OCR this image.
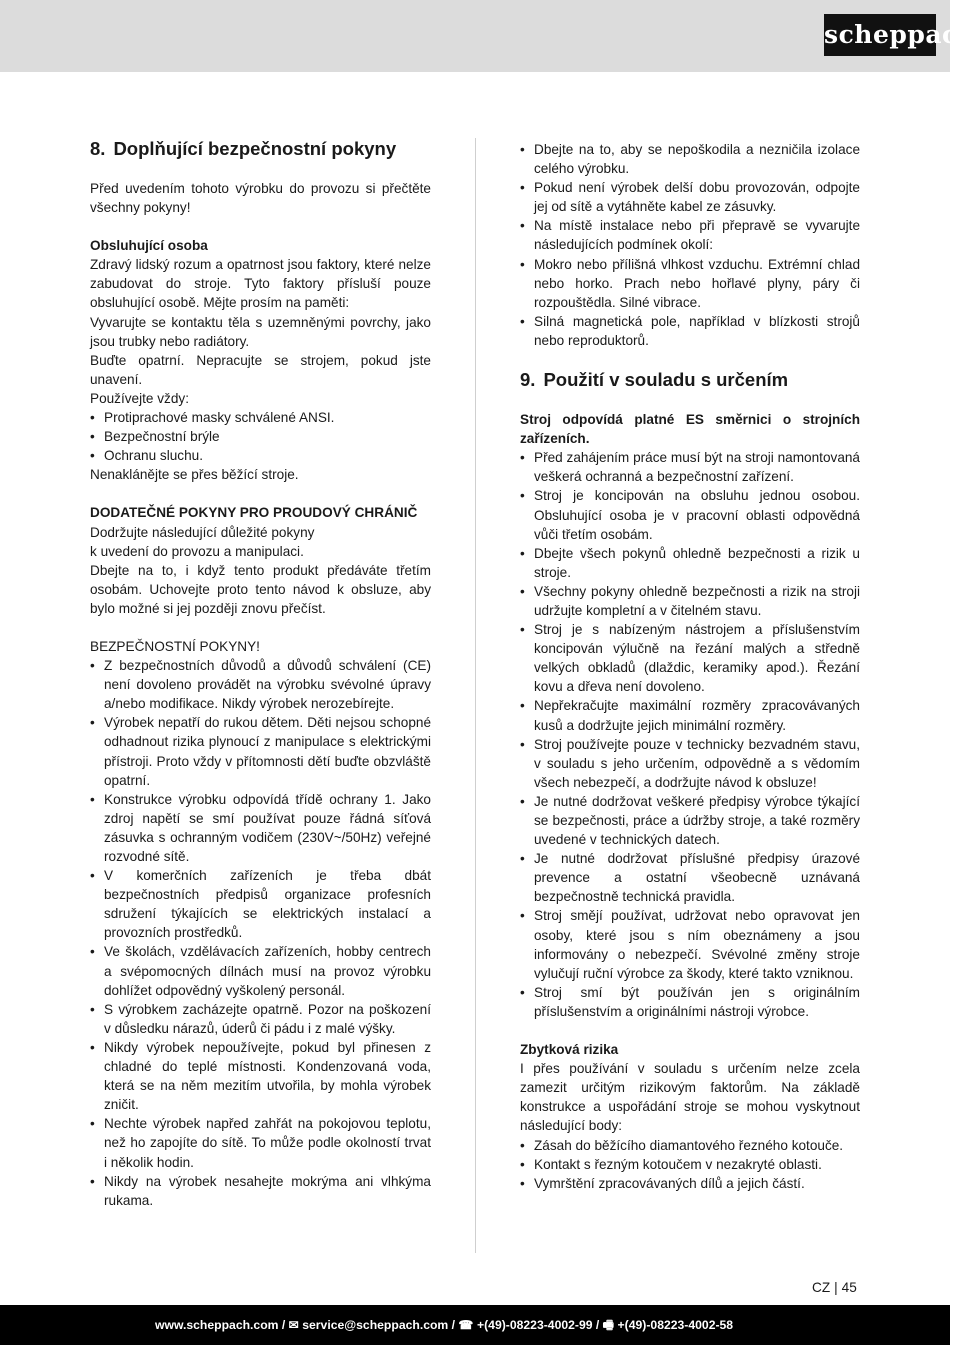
scheppach
8. Doplňující bezpečnostní pokyny

Před uvedením tohoto výrobku do provozu si přečtěte všechny pokyny!

Obsluhující osoba

Zdravý lidský rozum a opatrnost jsou faktory, které nelze zabudovat do stroje. Tyto faktory přísluší pouze obsluhující osobě. Mějte prosím na paměti:

Vyvarujte se kontaktu těla s uzemněnými povrchy, jako jsou trubky nebo radiátory.

Buďte opatrní. Nepracujte se strojem, pokud jste unavení.

Používejte vždy:

• Protiprachové masky schválené ANSI.
• Bezpečnostní brýle
• Ochranu sluchu.

Nenaklánějte se přes běžící stroje.

DODATEČNÉ POKYNY PRO PROUDOVÝ CHRÁNIČ

Dodržujte následující důležité pokyny

k uvedení do provozu a manipulaci.

Dbejte na to, i když tento produkt předáváte třetím osobám. Uchovejte proto tento návod k obsluze, aby bylo možné si jej později znovu přečíst.

BEZPEČNOSTNÍ POKYNY!

• Z bezpečnostních důvodů a důvodů schválení (CE) není dovoleno provádět na výrobku svévolné úpravy a/nebo modifikace. Nikdy výrobek nerozebírejte.
• Výrobek nepatří do rukou dětem. Děti nejsou schopné odhadnout rizika plynoucí z manipulace s elektrickými přístroji. Proto vždy v přítomnosti dětí buďte obzvláště opatrní.
• Konstrukce výrobku odpovídá třídě ochrany 1. Jako zdroj napětí se smí používat pouze řádná síťová zásuvka s ochranným vodičem (230V~/50Hz) veřejné rozvodné sítě.
• V komerčních zařízeních je třeba dbát bezpečnostních předpisů organizace profesních sdružení týkajících se elektrických instalací a provozních prostředků.
• Ve školách, vzdělávacích zařízeních, hobby centrech a svépomocných dílnách musí na provoz výrobku dohlížet odpovědný vyškolený personál.
• S výrobkem zacházejte opatrně. Pozor na poškození v důsledku nárazů, úderů či pádu i z malé výšky.
• Nikdy výrobek nepoužívejte, pokud byl přinesen z chladné do teplé místnosti. Kondenzovaná voda, která se na něm mezitím utvořila, by mohla výrobek zničit.
• Nechte výrobek napřed zahřát na pokojovou teplotu, než ho zapojíte do sítě. To může podle okolností trvat i několik hodin.
• Nikdy na výrobek nesahejte mokrýma ani vlhkýma rukama.
• Dbejte na to, aby se nepoškodila a nezničila izolace celého výrobku.
• Pokud není výrobek delší dobu provozován, odpojte jej od sítě a vytáhněte kabel ze zásuvky.
• Na místě instalace nebo při přepravě se vyvarujte následujících podmínek okolí:
• Mokro nebo přílišná vlhkost vzduchu. Extrémní chlad nebo horko. Prach nebo hořlavé plyny, páry či rozpouštědla. Silné vibrace.
• Silná magnetická pole, například v blízkosti strojů nebo reproduktorů.
9. Použití v souladu s určením

Stroj odpovídá platné ES směrnici o strojních zařízeních.

• Před zahájením práce musí být na stroji namontovaná veškerá ochranná a bezpečnostní zařízení.
• Stroj je koncipován na obsluhu jednou osobou. Obsluhující osoba je v pracovní oblasti odpovědná vůči třetím osobám.
• Dbejte všech pokynů ohledně bezpečnosti a rizik u stroje.
• Všechny pokyny ohledně bezpečnosti a rizik na stroji udržujte kompletní a v čitelném stavu.
• Stroj je s nabízeným nástrojem a příslušenstvím koncipován výlučně na řezání malých a středně velkých obkladů (dlaždic, keramiky apod.). Řezání kovu a dřeva není dovoleno.
• Nepřekračujte maximální rozměry zpracovávaných kusů a dodržujte jejich minimální rozměry.
• Stroj používejte pouze v technicky bezvadném stavu, v souladu s jeho určením, odpovědně a s vědomím všech nebezpečí, a dodržujte návod k obsluze!
• Je nutné dodržovat veškeré předpisy výrobce týkající se bezpečnosti, práce a údržby stroje, a také rozměry uvedené v technických datech.
• Je nutné dodržovat příslušné předpisy úrazové prevence a ostatní všeobecně uznávaná bezpečnostně technická pravidla.
• Stroj smějí používat, udržovat nebo opravovat jen osoby, které jsou s ním obeznámeny a jsou informovány o nebezpečí. Svévolné změny stroje vylučují ruční výrobce za škody, které takto vzniknou.
• Stroj smí být používán jen s originálním příslušenstvím a originálními nástroji výrobce.

Zbytková rizika

I přes používání v souladu s určením nelze zcela zamezit určitým rizikovým faktorům. Na základě konstrukce a uspořádání stroje se mohou vyskytnout následující body:

• Zásah do běžícího diamantového řezného kotouče.
• Kontakt s řezným kotoučem v nezakryté oblasti.
• Vymrštění zpracovávaných dílů a jejich částí.
CZ | 45
www.scheppach.com / ✉ service@scheppach.com / ☎ +(49)-08223-4002-99 / 🖷 +(49)-08223-4002-58
